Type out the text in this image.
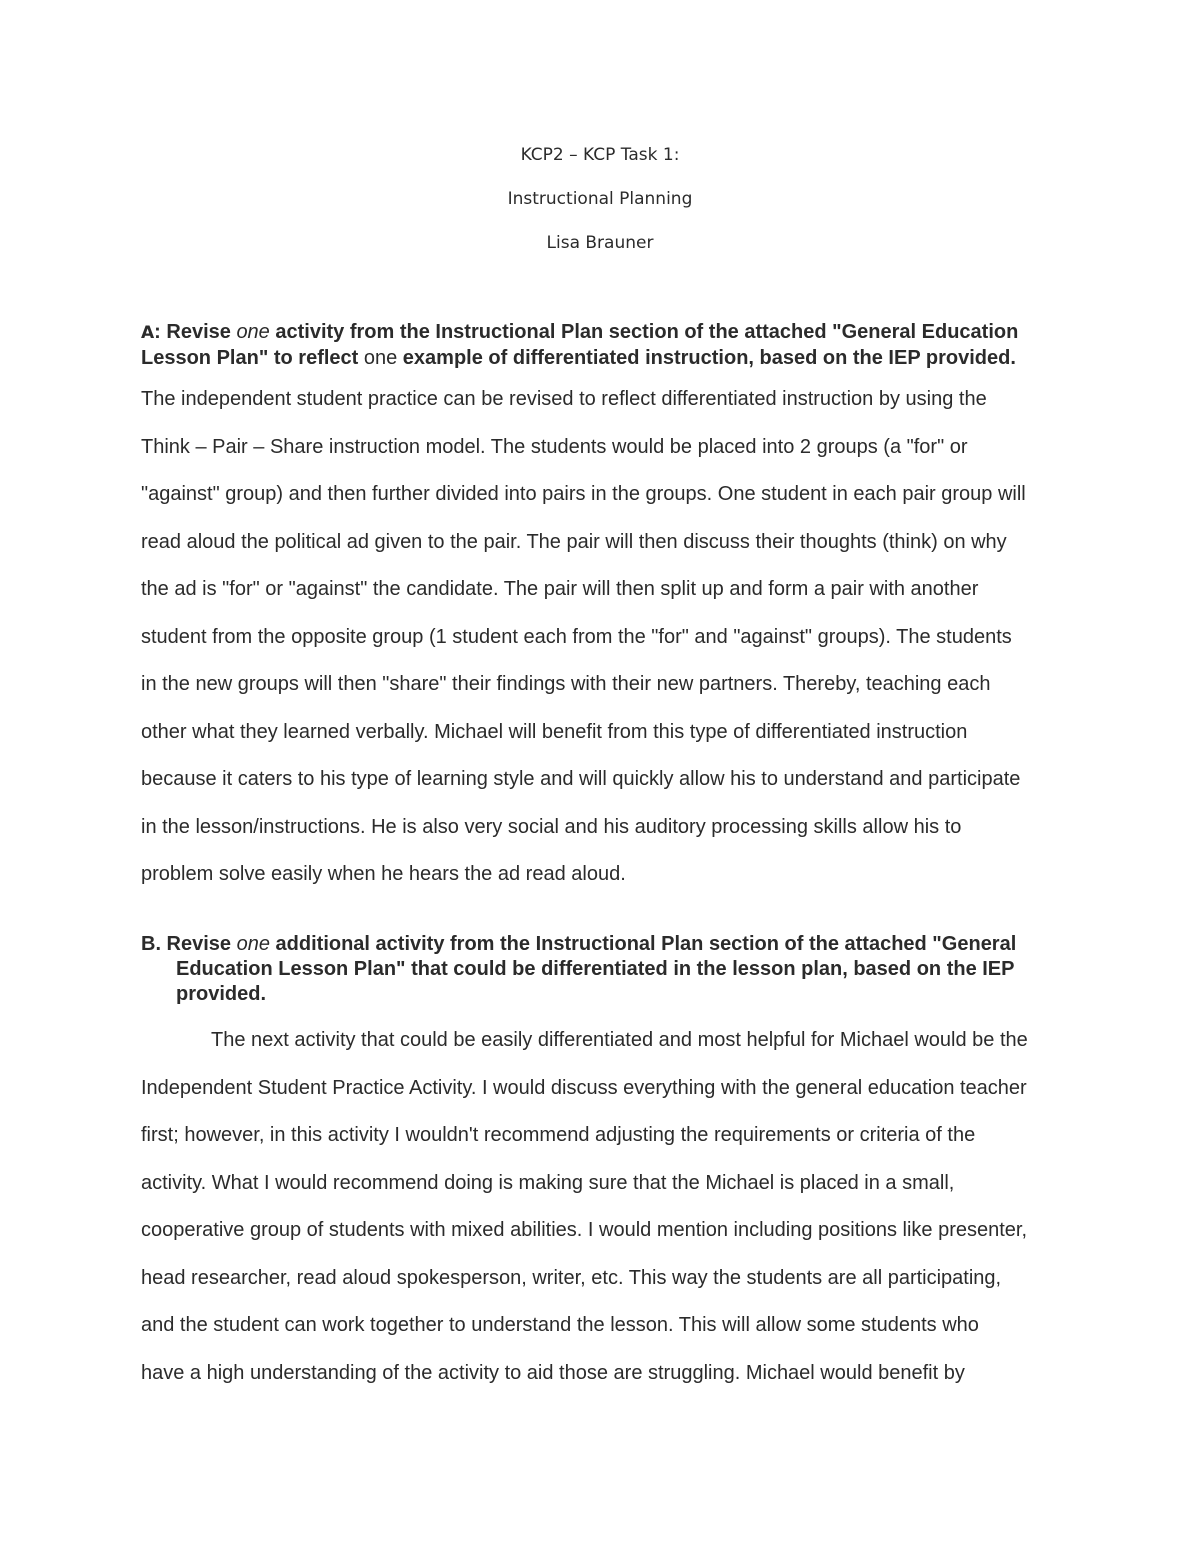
KCP2 – KCP Task 1:
Instructional Planning
Lisa Brauner
A: Revise one activity from the Instructional Plan section of the attached "General Education Lesson Plan" to reflect one example of differentiated instruction, based on the IEP provided.
The independent student practice can be revised to reflect differentiated instruction by using the
Think – Pair – Share instruction model. The students would be placed into 2 groups (a "for" or
"against" group) and then further divided into pairs in the groups. One student in each pair group will
read aloud the political ad given to the pair. The pair will then discuss their thoughts (think) on why
the ad is "for" or "against" the candidate. The pair will then split up and form a pair with another
student from the opposite group (1 student each from the "for" and "against" groups). The students
in the new groups will then "share" their findings with their new partners. Thereby, teaching each
other what they learned verbally. Michael will benefit from this type of differentiated instruction
because it caters to his type of learning style and will quickly allow his to understand and participate
in the lesson/instructions. He is also very social and his auditory processing skills allow his to
problem solve easily when he hears the ad read aloud.
B. Revise one additional activity from the Instructional Plan section of the attached "General Education Lesson Plan" that could be differentiated in the lesson plan, based on the IEP provided.
The next activity that could be easily differentiated and most helpful for Michael would be the
Independent Student Practice Activity. I would discuss everything with the general education teacher
first; however, in this activity I wouldn't recommend adjusting the requirements or criteria of the
activity. What I would recommend doing is making sure that the Michael is placed in a small,
cooperative group of students with mixed abilities. I would mention including positions like presenter,
head researcher, read aloud spokesperson, writer, etc. This way the students are all participating,
and the student can work together to understand the lesson. This will allow some students who
have a high understanding of the activity to aid those are struggling. Michael would benefit by
